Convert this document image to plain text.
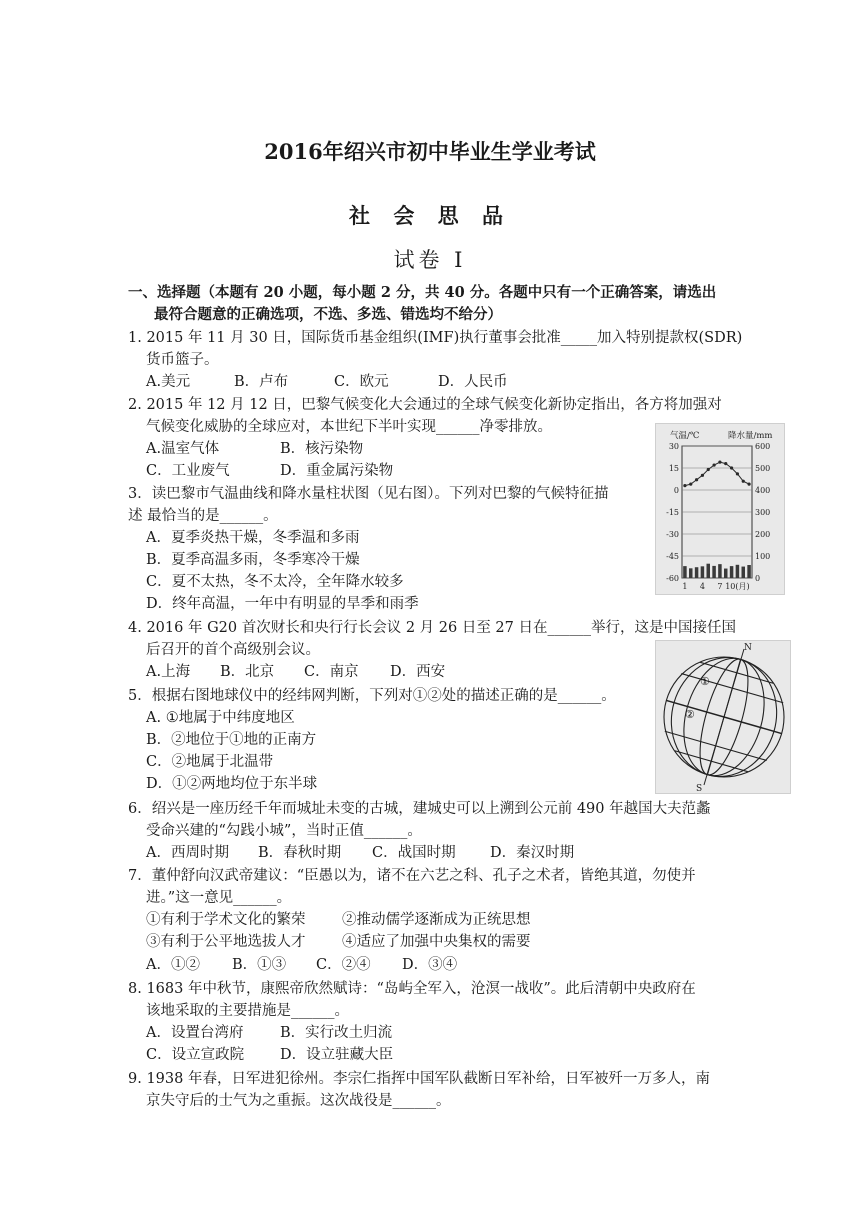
2016年绍兴市初中毕业生学业考试
社 会 思 品
试卷 Ⅰ
一、选择题（本题有 20 小题，每小题 2 分，共 40 分。各题中只有一个正确答案，请选出
最符合题意的正确选项，不选、多选、错选均不给分）
1. 2015 年 11 月 30 日，国际货币基金组织(IMF)执行董事会批准_____加入特别提款权(SDR)
货币篮子。
A.美元	B．卢布	C．欧元	D．人民币
2. 2015 年 12 月 12 日，巴黎气候变化大会通过的全球气候变化新协定指出，各方将加强对
气候变化威胁的全球应对，本世纪下半叶实现______净零排放。
A.温室气体	B．核污染物
C．工业废气	D．重金属污染物
3．读巴黎市气温曲线和降水量柱状图（见右图）。下列对巴黎的气候特征描
述 最恰当的是______。
A．夏季炎热干燥，冬季温和多雨
B．夏季高温多雨，冬季寒冷干燥
C．夏不太热，冬不太冷，全年降水较多
D．终年高温，一年中有明显的旱季和雨季
气温/℃	降水量/mm
30
15
0
-15
-30
-45
-60
600
500
400
300
200
100
0
1 4 7 10(月)
4. 2016 年 G20 首次财长和央行行长会议 2 月 26 日至 27 日在______举行，这是中国接任国
后召开的首个高级别会议。
A.上海 B．北京 C．南京 D．西安
N
S
①
②
5．根据右图地球仪中的经纬网判断，下列对①②处的描述正确的是______。
A. ①地属于中纬度地区
B．②地位于①地的正南方
C．②地属于北温带
D．①②两地均位于东半球
6．绍兴是一座历经千年而城址未变的古城，建城史可以上溯到公元前 490 年越国大夫范蠡
受命兴建的“勾践小城”，当时正值______。
A．西周时期 B．春秋时期 C．战国时期 D．秦汉时期
7．董仲舒向汉武帝建议：“臣愚以为，诸不在六艺之科、孔子之术者，皆绝其道，勿使并
进。”这一意见______。
①有利于学术文化的繁荣	②推动儒学逐渐成为正统思想
③有利于公平地选拔人才	④适应了加强中央集权的需要
A．①② B．①③ C．②④ D．③④
8. 1683 年中秋节，康熙帝欣然赋诗：“岛屿全军入，沧溟一战收”。此后清朝中央政府在
该地采取的主要措施是______。
A．设置台湾府	B．实行改土归流
C．设立宣政院 D．设立驻藏大臣
9. 1938 年春，日军进犯徐州。李宗仁指挥中国军队截断日军补给，日军被歼一万多人，南
京失守后的士气为之重振。这次战役是______。
